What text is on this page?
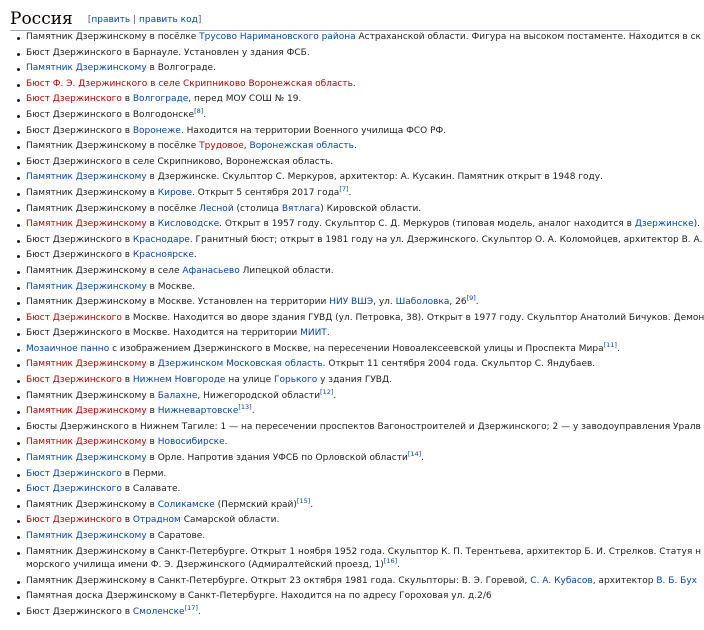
Россия [править | править код]
Памятник Дзержинскому в посёлке Трусово Наримановского района Астраханской области. Фигура на высоком постаменте. Находится в ск
Бюст Дзержинского в Барнауле. Установлен у здания ФСБ.
Памятник Дзержинскому в Волгограде.
Бюст Ф. Э. Дзержинского в селе Скрипниково Воронежская область.
Бюст Дзержинского в Волгограде, перед МОУ СОШ № 19.
Бюст Дзержинского в Волгодонске[8].
Бюст Дзержинского в Воронеже. Находится на территории Военного училища ФСО РФ.
Памятник Дзержинскому в посёлке Трудовое, Воронежская область.
Бюст Дзержинского в селе Скрипниково, Воронежская область.
Памятник Дзержинскому в Дзержинске. Скульптор С. Меркуров, архитектор: А. Кусакин. Памятник открыт в 1948 году.
Памятник Дзержинскому в Кирове. Открыт 5 сентября 2017 года[7].
Памятник Дзержинскому в посёлке Лесной (столица Вятлага) Кировской области.
Памятник Дзержинскому в Кисловодске. Открыт в 1957 году. Скульптор С. Д. Меркуров (типовая модель, аналог находится в Дзержинске).
Бюст Дзержинского в Краснодаре. Гранитный бюст; открыт в 1981 году на ул. Дзержинского. Скульптор О. А. Коломойцев, архитектор В. А.
Бюст Дзержинского в Красноярске.
Памятник Дзержинскому в селе Афанасьево Липецкой области.
Памятник Дзержинскому в Москве.
Памятник Дзержинскому в Москве. Установлен на территории НИУ ВШЭ, ул. Шаболовка, 26[9].
Бюст Дзержинского в Москве. Находится во дворе здания ГУВД (ул. Петровка, 38). Открыт в 1977 году. Скульптор Анатолий Бичуков. Демон
Бюст Дзержинского в Москве. Находится на территории МИИТ.
Мозаичное панно с изображением Дзержинского в Москве, на пересечении Новоалексеевской улицы и Проспекта Мира[11].
Памятник Дзержинскому в Дзержинском Московская область. Открыт 11 сентября 2004 года. Скульптор С. Яндубаев.
Бюст Дзержинского в Нижнем Новгороде на улице Горького у здания ГУВД.
Памятник Дзержинскому в Балахне, Нижегородской области[12].
Памятник Дзержинскому в Нижневартовске[13].
Бюсты Дзержинского в Нижнем Тагиле: 1 — на пересечении проспектов Вагоностроителей и Дзержинского; 2 — у заводоуправления Уралв
Памятник Дзержинскому в Новосибирске.
Памятник Дзержинскому в Орле. Напротив здания УФСБ по Орловской области[14].
Бюст Дзержинского в Перми.
Бюст Дзержинского в Салавате.
Памятник Дзержинскому в Соликамске (Пермский край)[15].
Бюст Дзержинского в Отрадном Самарской области.
Памятник Дзержинскому в Саратове.
Памятник Дзержинскому в Санкт-Петербурге. Открыт 1 ноября 1952 года. Скульптор К. П. Терентьева, архитектор Б. И. Стрелков. Статуя н
морского училища имени Ф. Э. Дзержинского (Адмиралтейский проезд, 1)[16].
Памятник Дзержинскому в Санкт-Петербурге. Открыт 23 октября 1981 года. Скульпторы: В. Э. Горевой, С. А. Кубасов, архитектор В. Б. Бух
Памятная доска Дзержинскому в Санкт-Петербурге. Находится на по адресу Гороховая ул. д.2/6
Бюст Дзержинского в Смоленске[17].
